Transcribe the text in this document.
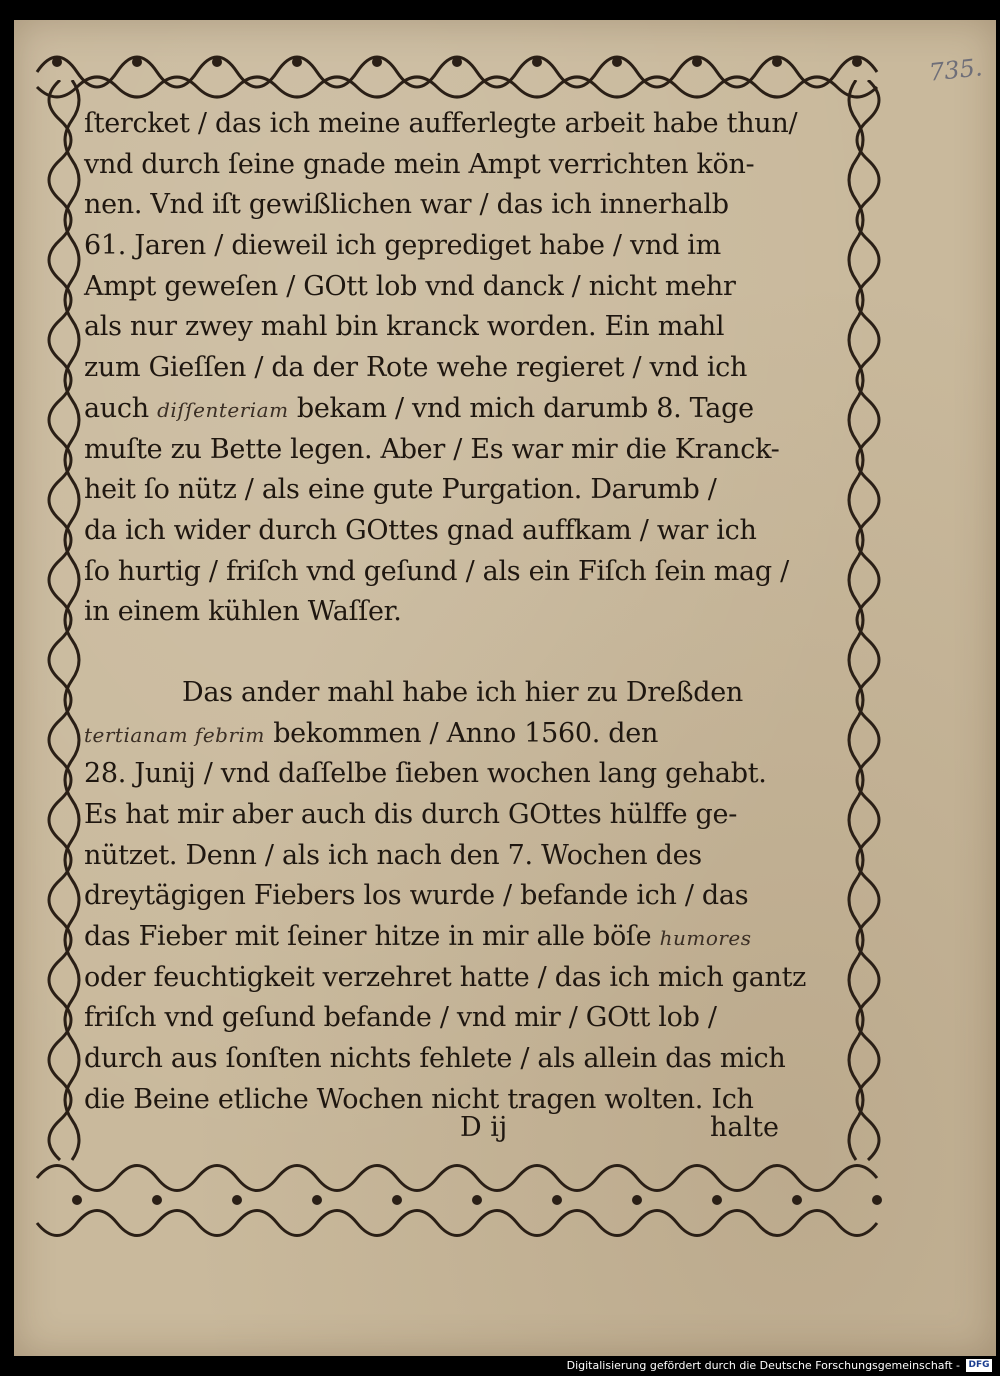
735.
ſtercket / das ich meine aufferlegte arbeit habe thun/
vnd durch ſeine gnade mein Ampt verrichten kön-
nen. Vnd iſt gewißlichen war / das ich innerhalb
61. Jaren / dieweil ich geprediget habe / vnd im
Ampt geweſen / GOtt lob vnd danck / nicht mehr
als nur zwey mahl bin kranck worden. Ein mahl
zum Gieſſen / da der Rote wehe regieret / vnd ich
auch diſſenteriam bekam / vnd mich darumb 8. Tage
muſte zu Bette legen. Aber / Es war mir die Kranck-
heit ſo nütz / als eine gute Purgation. Darumb /
da ich wider durch GOttes gnad auffkam / war ich
ſo hurtig / friſch vnd geſund / als ein Fiſch ſein mag /
in einem kühlen Waſſer.
Das ander mahl habe ich hier zu Dreßden
tertianam febrim bekommen / Anno 1560. den
28. Junij / vnd daſſelbe ſieben wochen lang gehabt.
Es hat mir aber auch dis durch GOttes hülffe ge-
nützet. Denn / als ich nach den 7. Wochen des
dreytägigen Fiebers los wurde / befande ich / das
das Fieber mit ſeiner hitze in mir alle böſe humores
oder feuchtigkeit verzehret hatte / das ich mich gantz
friſch vnd geſund befande / vnd mir / GOtt lob /
durch aus ſonſten nichts fehlete / als allein das mich
die Beine etliche Wochen nicht tragen wolten. Ich
D ij	halte
Digitalisierung gefördert durch die Deutsche Forschungsgemeinschaft - DFG
